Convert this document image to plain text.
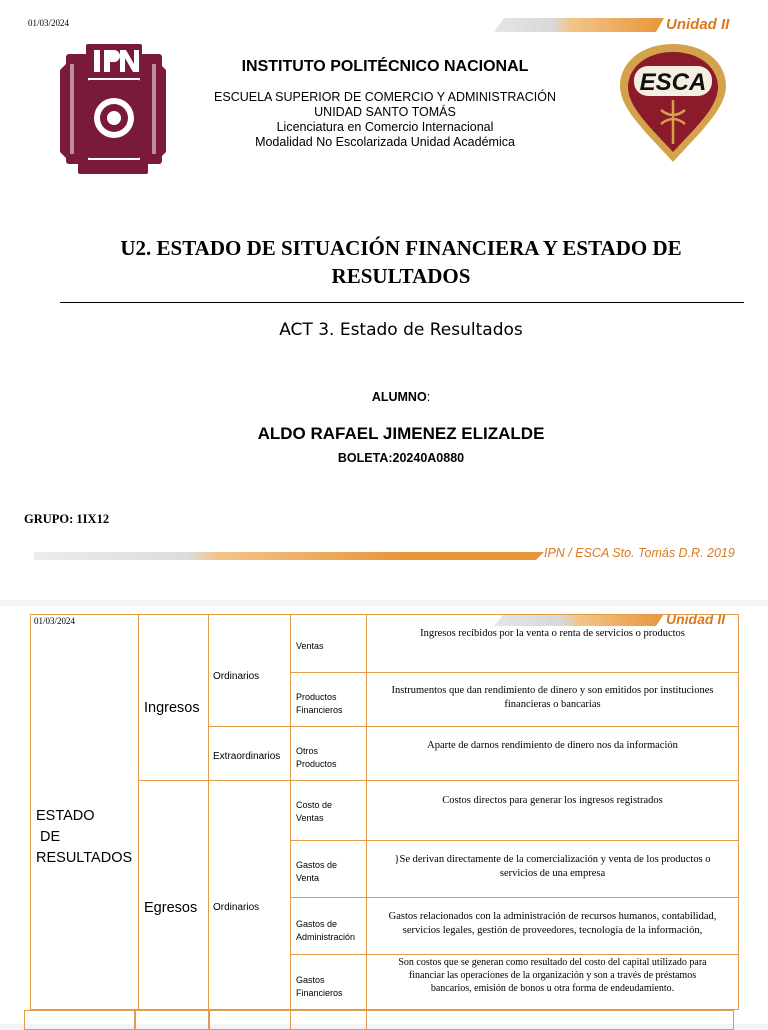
01/03/2024	Unidad II
INSTITUTO POLITÉCNICO NACIONAL
ESCUELA SUPERIOR DE COMERCIO Y ADMINISTRACIÓN
UNIDAD SANTO TOMÁS
Licenciatura en Comercio Internacional
Modalidad No Escolarizada Unidad Académica
ESCA
U2. ESTADO DE SITUACIÓN FINANCIERA Y ESTADO DE
RESULTADOS
ACT 3. Estado de Resultados
ALUMNO:
ALDO RAFAEL JIMENEZ ELIZALDE
BOLETA:20240A0880
GRUPO: 1IX12
IPN / ESCA Sto. Tomás D.R. 2019
01/03/2024	Unidad II
ESTADO
DE
RESULTADOS
Ingresos
Egresos
Ordinarios
Extraordinarios
Ordinarios
Ventas
Ingresos recibidos por la venta o renta de servicios o productos
Productos
Financieros
Instrumentos que dan rendimiento de dinero y son emitidos por instituciones
financieras o bancarias
Otros
Productos
Aparte de darnos rendimiento de dinero nos da información
Costo de
Ventas
Costos directos para generar los ingresos registrados
Gastos de
Venta
}Se derivan directamente de la comercialización y venta de los productos o
servicios de una empresa
Gastos de
Administración
Gastos relacionados con la administración de recursos humanos, contabilidad,
servicios legales, gestión de proveedores, tecnología de la información,
Gastos
Financieros
Son costos que se generan como resultado del costo del capital utilizado para
financiar las operaciones de la organización y son a través de préstamos
bancarios, emisión de bonos u otra forma de endeudamiento.
